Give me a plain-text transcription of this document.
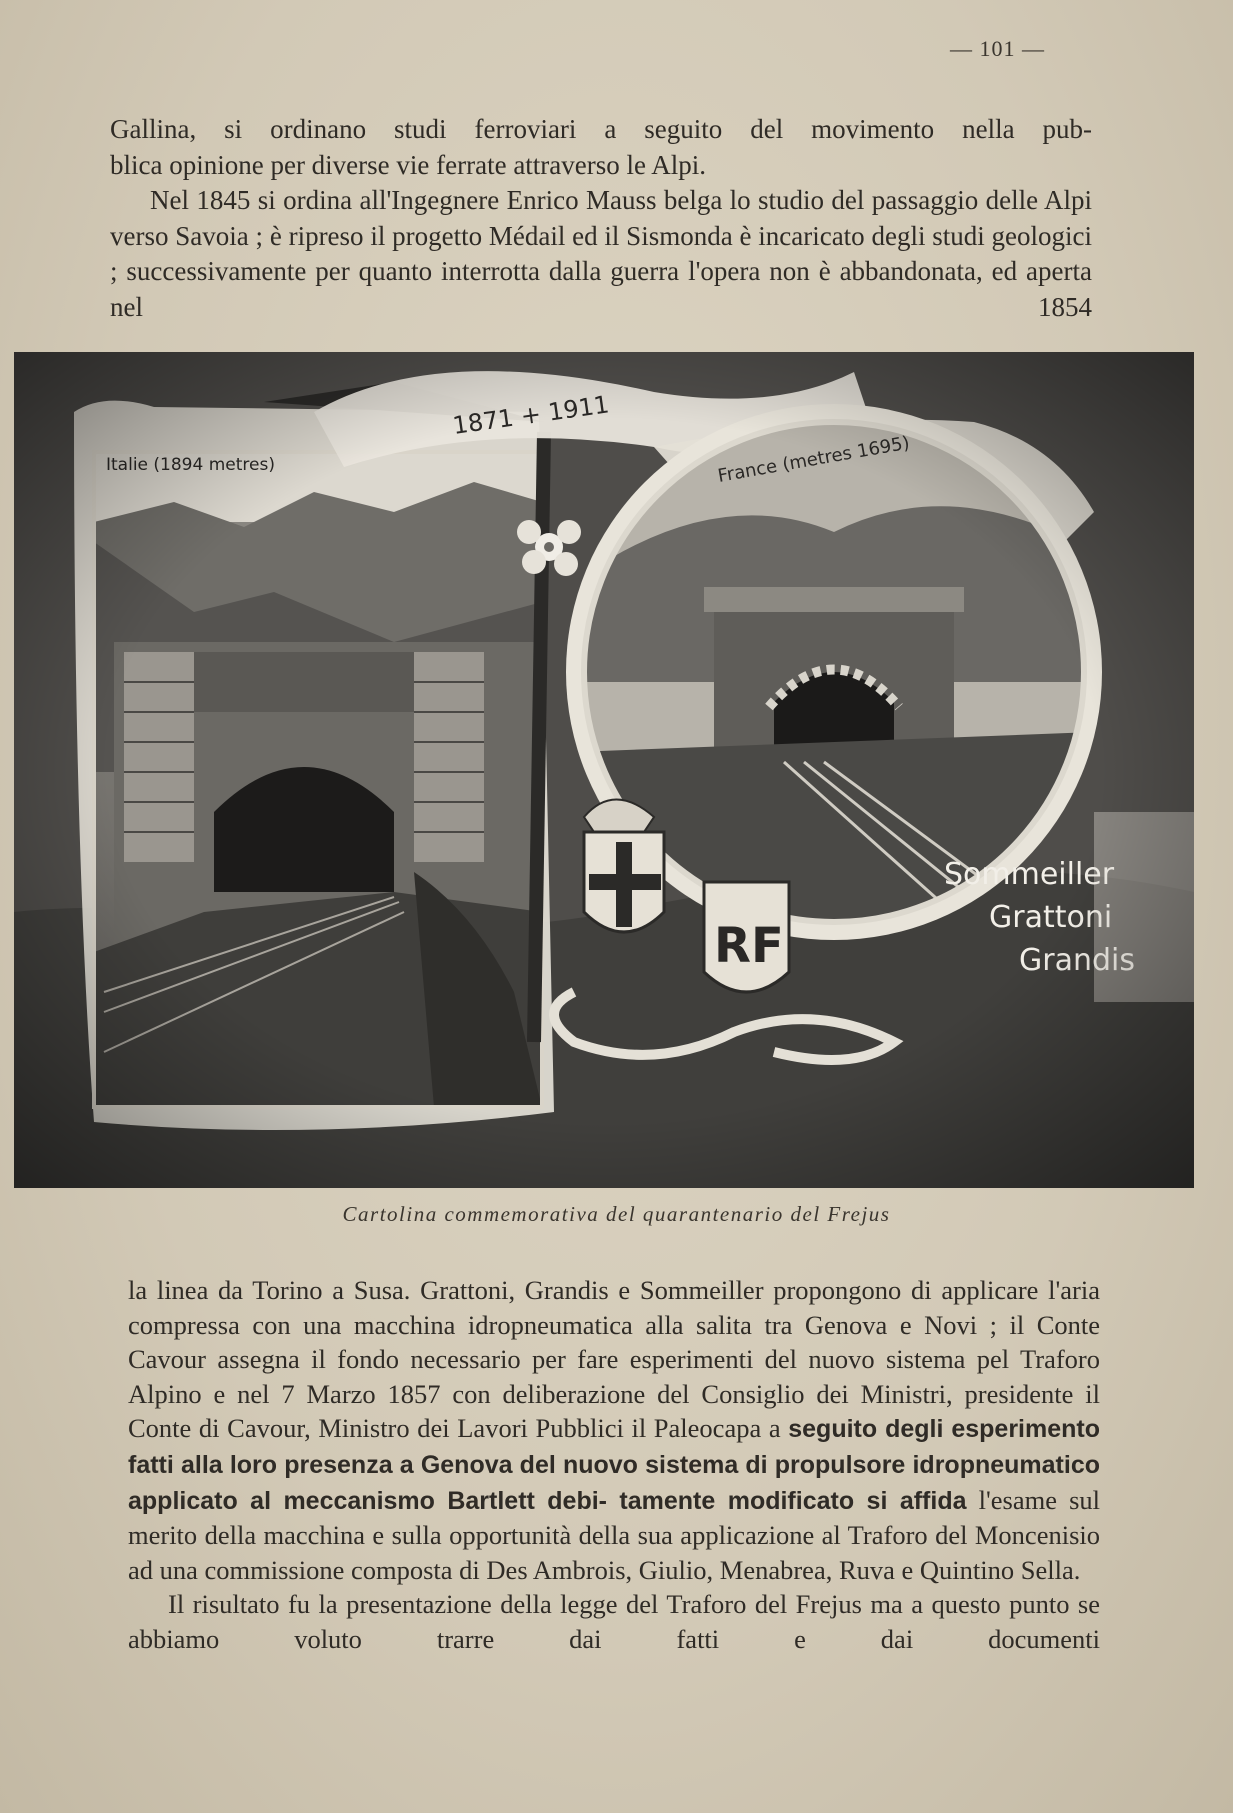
— 101 —

Gallina, si ordinano studi ferroviari a seguito del movimento nella pub-

blica opinione per diverse vie ferrate attraverso le Alpi.

Nel 1845 si ordina all'Ingegnere Enrico Mauss belga lo studio del passaggio delle Alpi verso Savoia ; è ripreso il progetto Médail ed il Sismonda è incaricato degli studi geologici ; successivamente per quanto interrotta dalla guerra l'opera non è abbandonata, ed aperta nel 1854

Cartolina commemorativa del quarantenario del Frejus

la linea da Torino a Susa. Grattoni, Grandis e Sommeiller propongono di applicare l'aria compressa con una macchina idropneumatica alla salita tra Genova e Novi ; il Conte Cavour assegna il fondo necessario per fare esperimenti del nuovo sistema pel Traforo Alpino e nel 7 Marzo 1857 con deliberazione del Consiglio dei Ministri, presidente il Conte di Cavour, Ministro dei Lavori Pubblici il Paleocapa a seguito degli esperimento fatti alla loro presenza a Genova del nuovo sistema di propulsore idropneumatico applicato al meccanismo Bartlett debi- tamente modificato si affida l'esame sul merito della macchina e sulla opportunità della sua applicazione al Traforo del Moncenisio ad una commissione composta di Des Ambrois, Giulio, Menabrea, Ruva e Quintino Sella.

Il risultato fu la presentazione della legge del Traforo del Frejus ma a questo punto se abbiamo voluto trarre dai fatti e dai documenti
